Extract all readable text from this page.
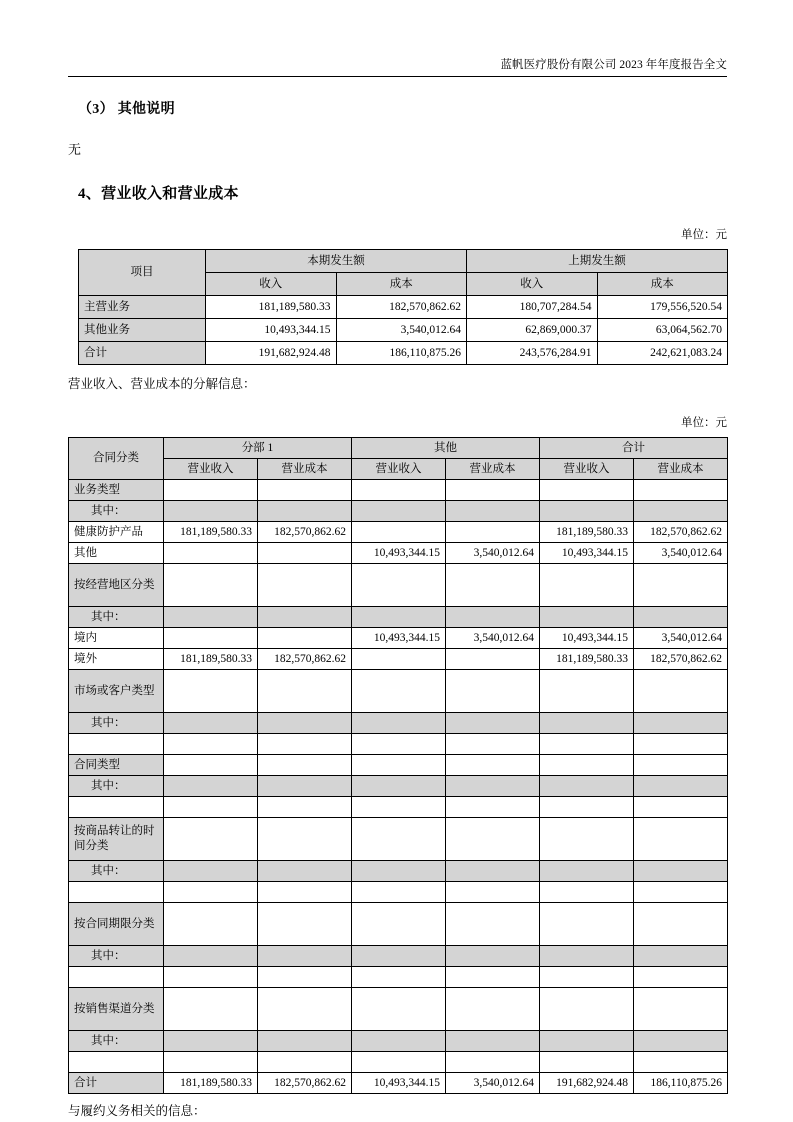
蓝帆医疗股份有限公司 2023 年年度报告全文
（3） 其他说明
无
4、营业收入和营业成本
单位：元
项目	本期发生额		上期发生额	
	收入	成本	收入	成本
主营业务	181,189,580.33	182,570,862.62	180,707,284.54	179,556,520.54
其他业务	10,493,344.15	3,540,012.64	62,869,000.37	63,064,562.70
合计	191,682,924.48	186,110,875.26	243,576,284.91	242,621,083.24
营业收入、营业成本的分解信息：
单位：元
合同分类	分部 1		其他		合计	
	营业收入	营业成本	营业收入	营业成本	营业收入	营业成本
业务类型						
其中：						
健康防护产品	181,189,580.33	182,570,862.62			181,189,580.33	182,570,862.62
其他			10,493,344.15	3,540,012.64	10,493,344.15	3,540,012.64
按经营地区分类						
其中：						
境内			10,493,344.15	3,540,012.64	10,493,344.15	3,540,012.64
境外	181,189,580.33	182,570,862.62			181,189,580.33	182,570,862.62
市场或客户类型						
其中：						

合同类型						
其中：						

按商品转让的时间分类						
其中：						

按合同期限分类						
其中：						

按销售渠道分类						
其中：						

合计	181,189,580.33	182,570,862.62	10,493,344.15	3,540,012.64	191,682,924.48	186,110,875.26
与履约义务相关的信息：
